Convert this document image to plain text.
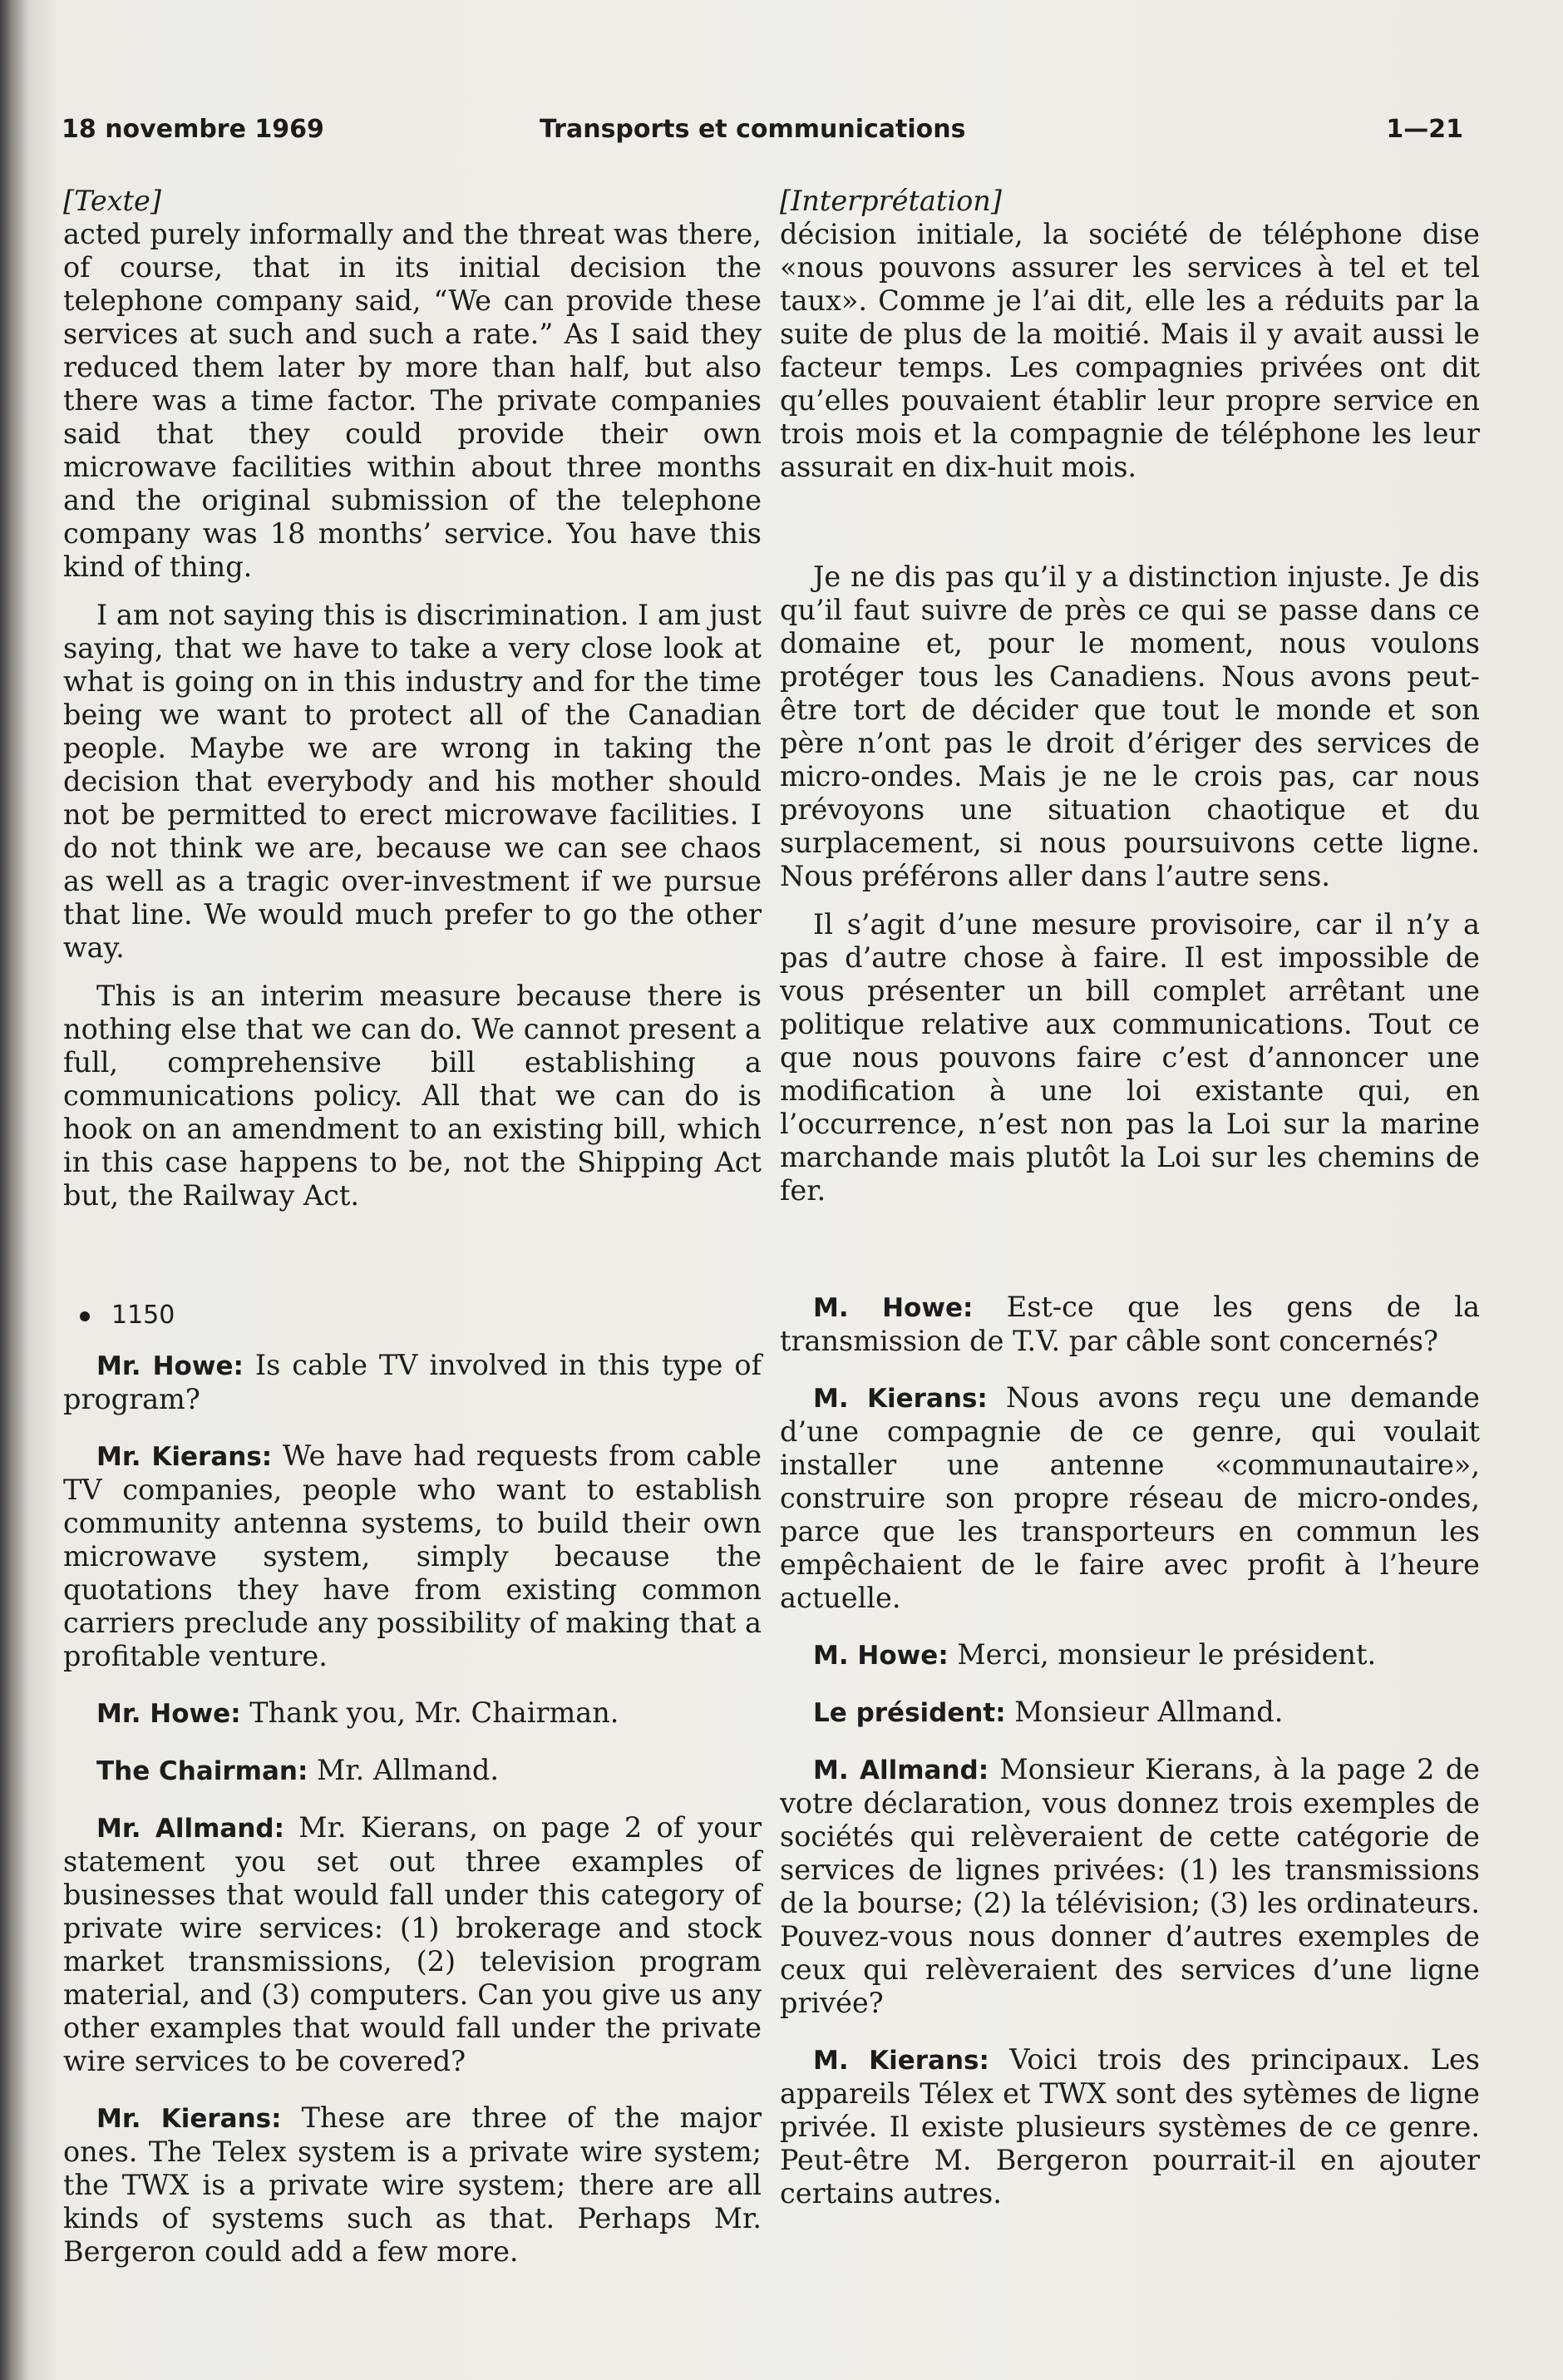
18 novembre 1969	Transports et communications	1—21
[Texte]

acted purely informally and the threat was there, of course, that in its initial decision the telephone company said, “We can provide these services at such and such a rate.” As I said they reduced them later by more than half, but also there was a time factor. The private companies said that they could provide their own microwave facilities within about three months and the original submission of the telephone company was 18 months’ service. You have this kind of thing.

I am not saying this is discrimination. I am just saying, that we have to take a very close look at what is going on in this industry and for the time being we want to protect all of the Canadian people. Maybe we are wrong in taking the decision that everybody and his mother should not be permitted to erect microwave facilities. I do not think we are, because we can see chaos as well as a tragic over-investment if we pursue that line. We would much prefer to go the other way.

This is an interim measure because there is nothing else that we can do. We cannot present a full, comprehensive bill establishing a communications policy. All that we can do is hook on an amendment to an existing bill, which in this case happens to be, not the Shipping Act but, the Railway Act.

1150

Mr. Howe: Is cable TV involved in this type of program?

Mr. Kierans: We have had requests from cable TV companies, people who want to establish community antenna systems, to build their own microwave system, simply because the quotations they have from existing common carriers preclude any possibility of making that a profitable venture.

Mr. Howe: Thank you, Mr. Chairman.

The Chairman: Mr. Allmand.

Mr. Allmand: Mr. Kierans, on page 2 of your statement you set out three examples of businesses that would fall under this category of private wire services: (1) brokerage and stock market transmissions, (2) television program material, and (3) computers. Can you give us any other examples that would fall under the private wire services to be covered?

Mr. Kierans: These are three of the major ones. The Telex system is a private wire system; the TWX is a private wire system; there are all kinds of systems such as that. Perhaps Mr. Bergeron could add a few more.

[Interprétation]

décision initiale, la société de téléphone dise «nous pouvons assurer les services à tel et tel taux». Comme je l’ai dit, elle les a réduits par la suite de plus de la moitié. Mais il y avait aussi le facteur temps. Les compagnies privées ont dit qu’elles pouvaient établir leur propre service en trois mois et la compagnie de téléphone les leur assurait en dix-huit mois.

Je ne dis pas qu’il y a distinction injuste. Je dis qu’il faut suivre de près ce qui se passe dans ce domaine et, pour le moment, nous voulons protéger tous les Canadiens. Nous avons peut-être tort de décider que tout le monde et son père n’ont pas le droit d’ériger des services de micro-ondes. Mais je ne le crois pas, car nous prévoyons une situation chaotique et du surplacement, si nous poursuivons cette ligne. Nous préférons aller dans l’autre sens.

Il s’agit d’une mesure provisoire, car il n’y a pas d’autre chose à faire. Il est impossible de vous présenter un bill complet arrêtant une politique relative aux communications. Tout ce que nous pouvons faire c’est d’annoncer une modification à une loi existante qui, en l’occurrence, n’est non pas la Loi sur la marine marchande mais plutôt la Loi sur les chemins de fer.

M. Howe: Est-ce que les gens de la transmission de T.V. par câble sont concernés?

M. Kierans: Nous avons reçu une demande d’une compagnie de ce genre, qui voulait installer une antenne «communautaire», construire son propre réseau de micro-ondes, parce que les transporteurs en commun les empêchaient de le faire avec profit à l’heure actuelle.

M. Howe: Merci, monsieur le président.

Le président: Monsieur Allmand.

M. Allmand: Monsieur Kierans, à la page 2 de votre déclaration, vous donnez trois exemples de sociétés qui relèveraient de cette catégorie de services de lignes privées: (1) les transmissions de la bourse; (2) la télévision; (3) les ordinateurs. Pouvez-vous nous donner d’autres exemples de ceux qui relèveraient des services d’une ligne privée?

M. Kierans: Voici trois des principaux. Les appareils Télex et TWX sont des sytèmes de ligne privée. Il existe plusieurs systèmes de ce genre. Peut-être M. Bergeron pourrait-il en ajouter certains autres.
